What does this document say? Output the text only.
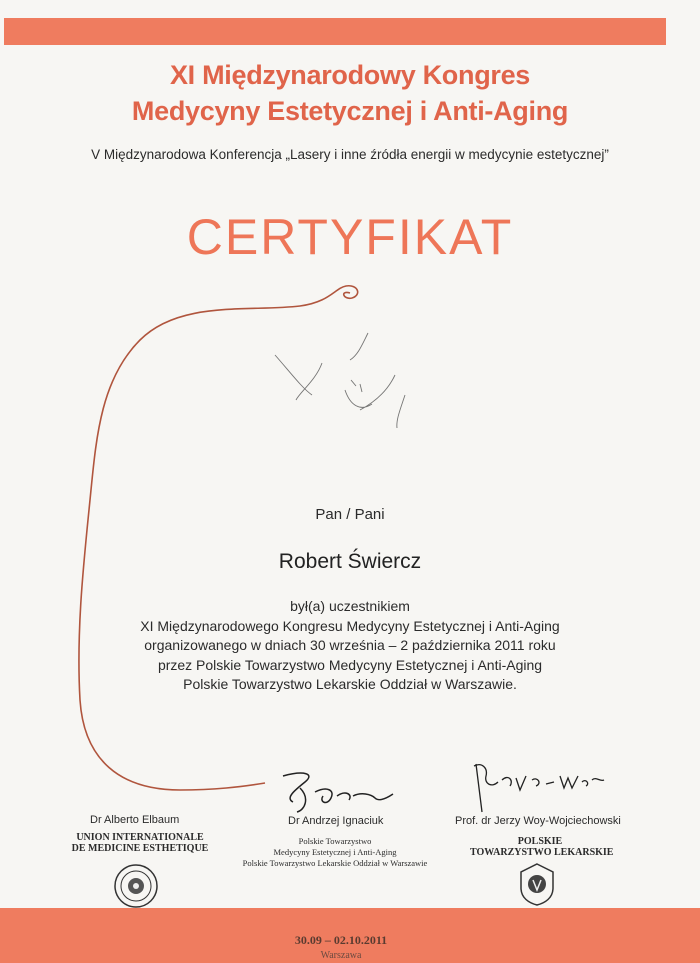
XI Międzynarodowy Kongres
Medycyny Estetycznej i Anti-Aging
V Międzynarodowa Konferencja „Lasery i inne źródła energii w medycynie estetycznej”
CERTYFIKAT
Pan / Pani
Robert Świercz
był(a) uczestnikiem
XI Międzynarodowego Kongresu Medycyny Estetycznej i Anti-Aging
organizowanego w dniach 30 września – 2 października 2011 roku
przez Polskie Towarzystwo Medycyny Estetycznej i Anti-Aging
Polskie Towarzystwo Lekarskie Oddział w Warszawie.
Dr Alberto Elbaum
UNION INTERNATIONALE
DE MEDICINE ESTHETIQUE
Dr Andrzej Ignaciuk
Polskie Towarzystwo
Medycyny Estetycznej i Anti-Aging
Polskie Towarzystwo Lekarskie Oddział w Warszawie
Prof. dr Jerzy Woy-Wojciechowski
POLSKIE
TOWARZYSTWO LEKARSKIE
30.09 – 02.10.2011
Warszawa
